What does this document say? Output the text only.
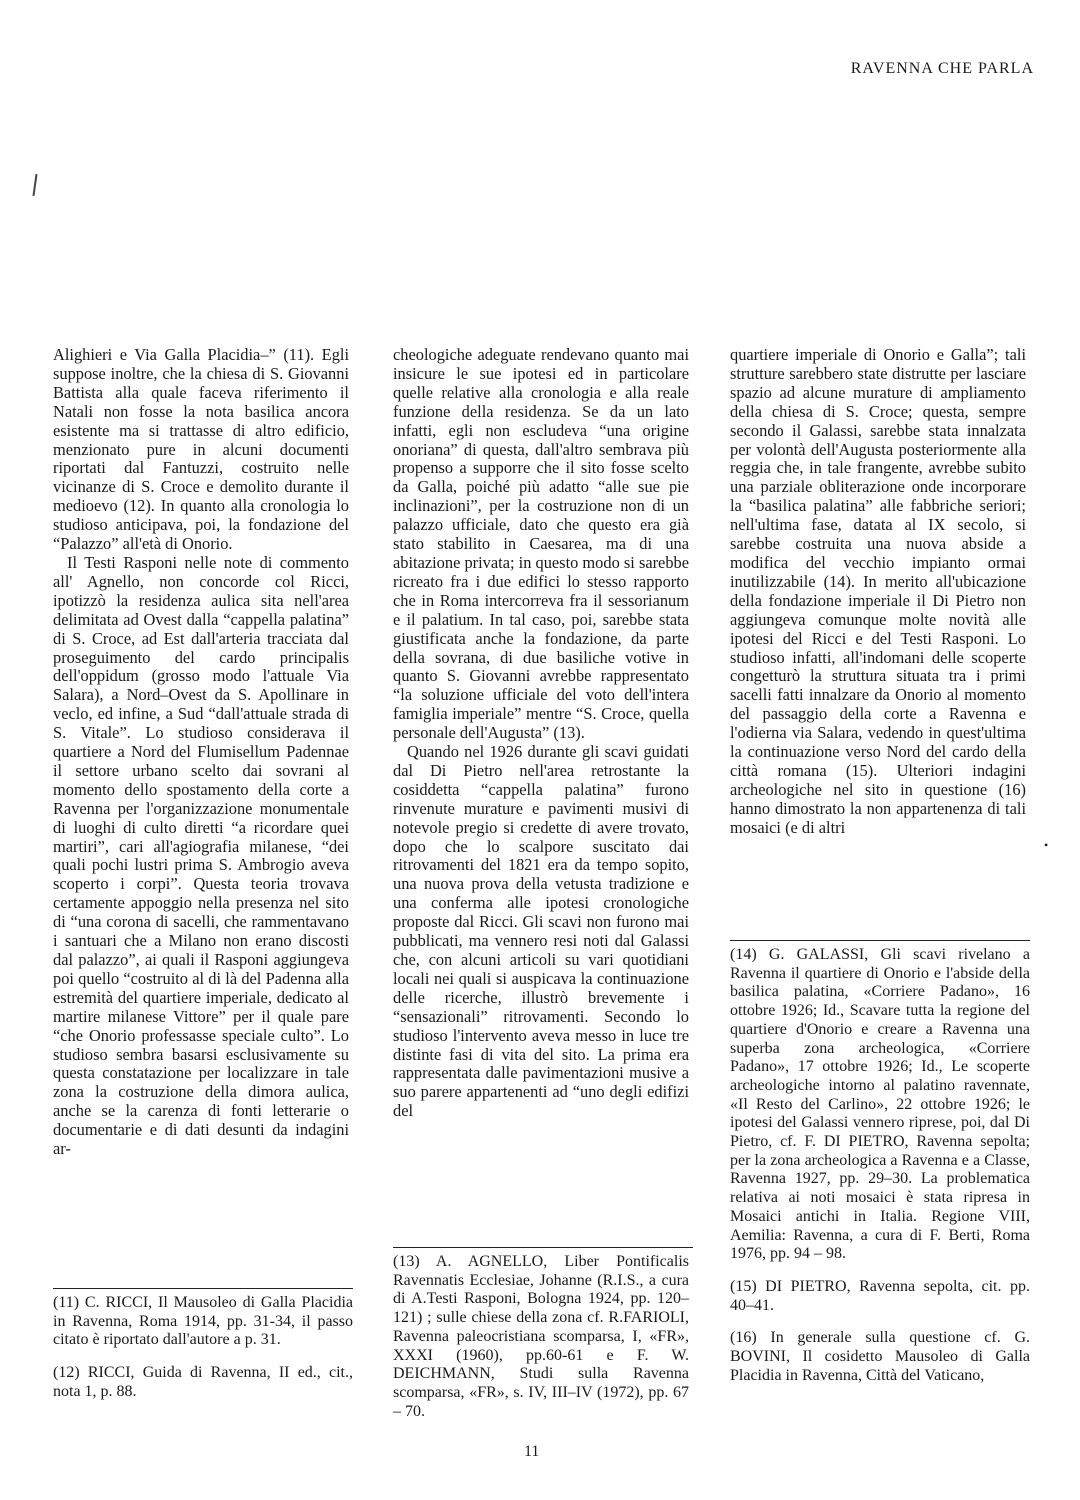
RAVENNA CHE PARLA

Alighieri e Via Galla Placidia–” (11). Egli suppose inoltre, che la chiesa di S. Giovanni Battista alla quale faceva riferimento il Natali non fosse la nota basilica ancora esistente ma si trattasse di altro edificio, menzionato pure in alcuni documenti riportati dal Fantuzzi, costruito nelle vicinanze di S. Croce e demolito durante il medioevo (12). In quanto alla cronologia lo studioso anticipava, poi, la fondazione del “Palazzo” all'età di Onorio.

Il Testi Rasponi nelle note di commento all' Agnello, non concorde col Ricci, ipotizzò la residenza aulica sita nell'area delimitata ad Ovest dalla “cappella palatina” di S. Croce, ad Est dall'arteria tracciata dal proseguimento del cardo principalis dell'oppidum (grosso modo l'attuale Via Salara), a Nord–Ovest da S. Apollinare in veclo, ed infine, a Sud “dall'attuale strada di S. Vitale”. Lo studioso considerava il quartiere a Nord del Flumisellum Padennae il settore urbano scelto dai sovrani al momento dello spostamento della corte a Ravenna per l'organizzazione monumentale di luoghi di culto diretti “a ricordare quei martiri”, cari all'agiografia milanese, “dei quali pochi lustri prima S. Ambrogio aveva scoperto i corpi”. Questa teoria trovava certamente appoggio nella presenza nel sito di “una corona di sacelli, che rammentavano i santuari che a Milano non erano discosti dal palazzo”, ai quali il Rasponi aggiungeva poi quello “costruito al di là del Padenna alla estremità del quartiere imperiale, dedicato al martire milanese Vittore” per il quale pare “che Onorio professasse speciale culto”. Lo studioso sembra basarsi esclusivamente su questa constatazione per localizzare in tale zona la costruzione della dimora aulica, anche se la carenza di fonti letterarie o documentarie e di dati desunti da indagini ar-

cheologiche adeguate rendevano quanto mai insicure le sue ipotesi ed in particolare quelle relative alla cronologia e alla reale funzione della residenza. Se da un lato infatti, egli non escludeva “una origine onoriana” di questa, dall'altro sembrava più propenso a supporre che il sito fosse scelto da Galla, poiché più adatto “alle sue pie inclinazioni”, per la costruzione non di un palazzo ufficiale, dato che questo era già stato stabilito in Caesarea, ma di una abitazione privata; in questo modo si sarebbe ricreato fra i due edifici lo stesso rapporto che in Roma intercorreva fra il sessorianum e il palatium. In tal caso, poi, sarebbe stata giustificata anche la fondazione, da parte della sovrana, di due basiliche votive in quanto S. Giovanni avrebbe rappresentato “la soluzione ufficiale del voto dell'intera famiglia imperiale” mentre “S. Croce, quella personale dell'Augusta” (13).

Quando nel 1926 durante gli scavi guidati dal Di Pietro nell'area retrostante la cosiddetta “cappella palatina” furono rinvenute murature e pavimenti musivi di notevole pregio si credette di avere trovato, dopo che lo scalpore suscitato dai ritrovamenti del 1821 era da tempo sopito, una nuova prova della vetusta tradizione e una conferma alle ipotesi cronologiche proposte dal Ricci. Gli scavi non furono mai pubblicati, ma vennero resi noti dal Galassi che, con alcuni articoli su vari quotidiani locali nei quali si auspicava la continuazione delle ricerche, illustrò brevemente i “sensazionali” ritrovamenti. Secondo lo studioso l'intervento aveva messo in luce tre distinte fasi di vita del sito. La prima era rappresentata dalle pavimentazioni musive a suo parere appartenenti ad “uno degli edifizi del

quartiere imperiale di Onorio e Galla”; tali strutture sarebbero state distrutte per lasciare spazio ad alcune murature di ampliamento della chiesa di S. Croce; questa, sempre secondo il Galassi, sarebbe stata innalzata per volontà dell'Augusta posteriormente alla reggia che, in tale frangente, avrebbe subito una parziale obliterazione onde incorporare la “basilica palatina” alle fabbriche seriori; nell'ultima fase, datata al IX secolo, si sarebbe costruita una nuova abside a modifica del vecchio impianto ormai inutilizzabile (14). In merito all'ubicazione della fondazione imperiale il Di Pietro non aggiungeva comunque molte novità alle ipotesi del Ricci e del Testi Rasponi. Lo studioso infatti, all'indomani delle scoperte congetturò la struttura situata tra i primi sacelli fatti innalzare da Onorio al momento del passaggio della corte a Ravenna e l'odierna via Salara, vedendo in quest'ultima la continuazione verso Nord del cardo della città romana (15). Ulteriori indagini archeologiche nel sito in questione (16) hanno dimostrato la non appartenenza di tali mosaici (e di altri

•

(11) C. RICCI, Il Mausoleo di Galla Placidia in Ravenna, Roma 1914, pp. 31-34, il passo citato è riportato dall'autore a p. 31.

(12) RICCI, Guida di Ravenna, II ed., cit., nota 1, p. 88.

(13) A. AGNELLO, Liber Pontificalis Ravennatis Ecclesiae, Johanne (R.I.S., a cura di A.Testi Rasponi, Bologna 1924, pp. 120–121) ; sulle chiese della zona cf. R.FARIOLI, Ravenna paleocristiana scomparsa, I, «FR», XXXI (1960), pp.60-61 e F. W. DEICHMANN, Studi sulla Ravenna scomparsa, «FR», s. IV, III–IV (1972), pp. 67 – 70.

(14) G. GALASSI, Gli scavi rivelano a Ravenna il quartiere di Onorio e l'abside della basilica palatina, «Corriere Padano», 16 ottobre 1926; Id., Scavare tutta la regione del quartiere d'Onorio e creare a Ravenna una superba zona archeologica, «Corriere Padano», 17 ottobre 1926; Id., Le scoperte archeologiche intorno al palatino ravennate, «Il Resto del Carlino», 22 ottobre 1926; le ipotesi del Galassi vennero riprese, poi, dal Di Pietro, cf. F. DI PIETRO, Ravenna sepolta; per la zona archeologica a Ravenna e a Classe, Ravenna 1927, pp. 29–30. La problematica relativa ai noti mosaici è stata ripresa in Mosaici antichi in Italia. Regione VIII, Aemilia: Ravenna, a cura di F. Berti, Roma 1976, pp. 94 – 98.

(15) DI PIETRO, Ravenna sepolta, cit. pp. 40–41.

(16) In generale sulla questione cf. G. BOVINI, Il cosidetto Mausoleo di Galla Placidia in Ravenna, Città del Vaticano,

11
